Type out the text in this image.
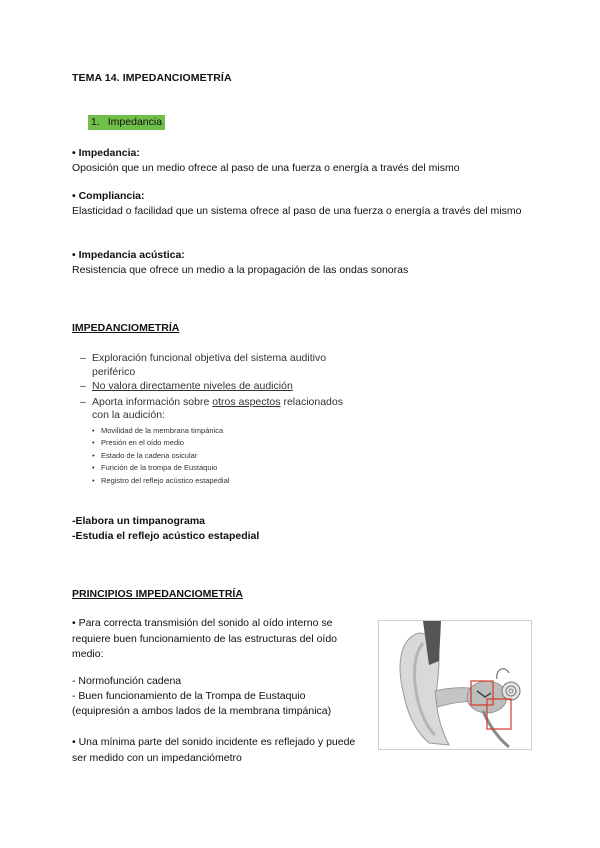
TEMA 14. IMPEDANCIOMETRÍA
1. Impedancia
• Impedancia:
Oposición que un medio ofrece al paso de una fuerza o energía a través del mismo
• Compliancia:
Elasticidad o facilidad que un sistema ofrece al paso de una fuerza o energía a través del mismo
• Impedancia acústica:
Resistencia que ofrece un medio a la propagación de las ondas sonoras
IMPEDANCIOMETRÍA
– Exploración funcional objetiva del sistema auditivo periférico
– No valora directamente niveles de audición
– Aporta información sobre otros aspectos relacionados con la audición:
• Movilidad de la membrana timpánica
• Presión en el oído medio
• Estado de la cadena osicular
• Función de la trompa de Eustaquio
• Registro del reflejo acústico estapedial
-Elabora un timpanograma
-Estudia el reflejo acústico estapedial
PRINCIPIOS IMPEDANCIOMETRÍA
• Para correcta transmisión del sonido al oído interno se requiere buen funcionamiento de las estructuras del oído medio:
- Normofunción cadena
- Buen funcionamiento de la Trompa de Eustaquio
(equipresión a ambos lados de la membrana timpánica)
• Una mínima parte del sonido incidente es reflejado y puede ser medido con un impedanciómetro
